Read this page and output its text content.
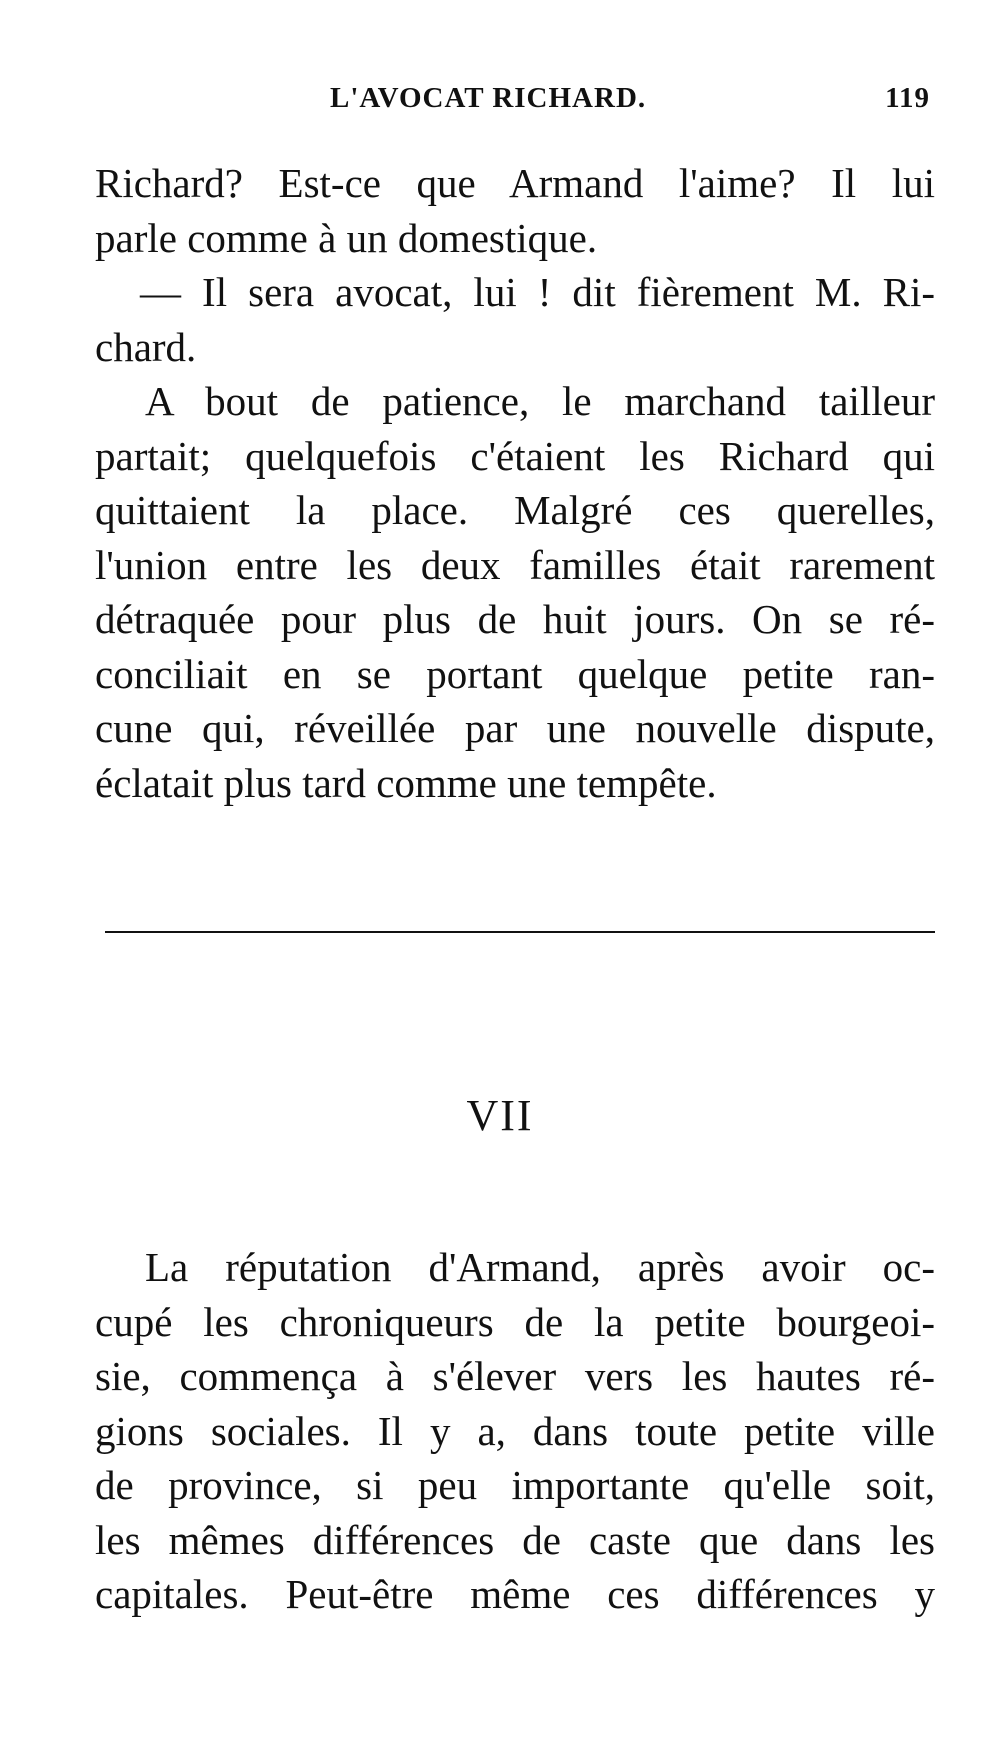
L'AVOCAT RICHARD.	119
Richard? Est-ce que Armand l'aime? Il lui
parle comme à un domestique.
— Il sera avocat, lui ! dit fièrement M. Ri-
chard.
A bout de patience, le marchand tailleur
partait; quelquefois c'étaient les Richard qui
quittaient la place. Malgré ces querelles,
l'union entre les deux familles était rarement
détraquée pour plus de huit jours. On se ré-
conciliait en se portant quelque petite ran-
cune qui, réveillée par une nouvelle dispute,
éclatait plus tard comme une tempête.
VII
La réputation d'Armand, après avoir oc-
cupé les chroniqueurs de la petite bourgeoi-
sie, commença à s'élever vers les hautes ré-
gions sociales. Il y a, dans toute petite ville
de province, si peu importante qu'elle soit,
les mêmes différences de caste que dans les
capitales. Peut-être même ces différences y
